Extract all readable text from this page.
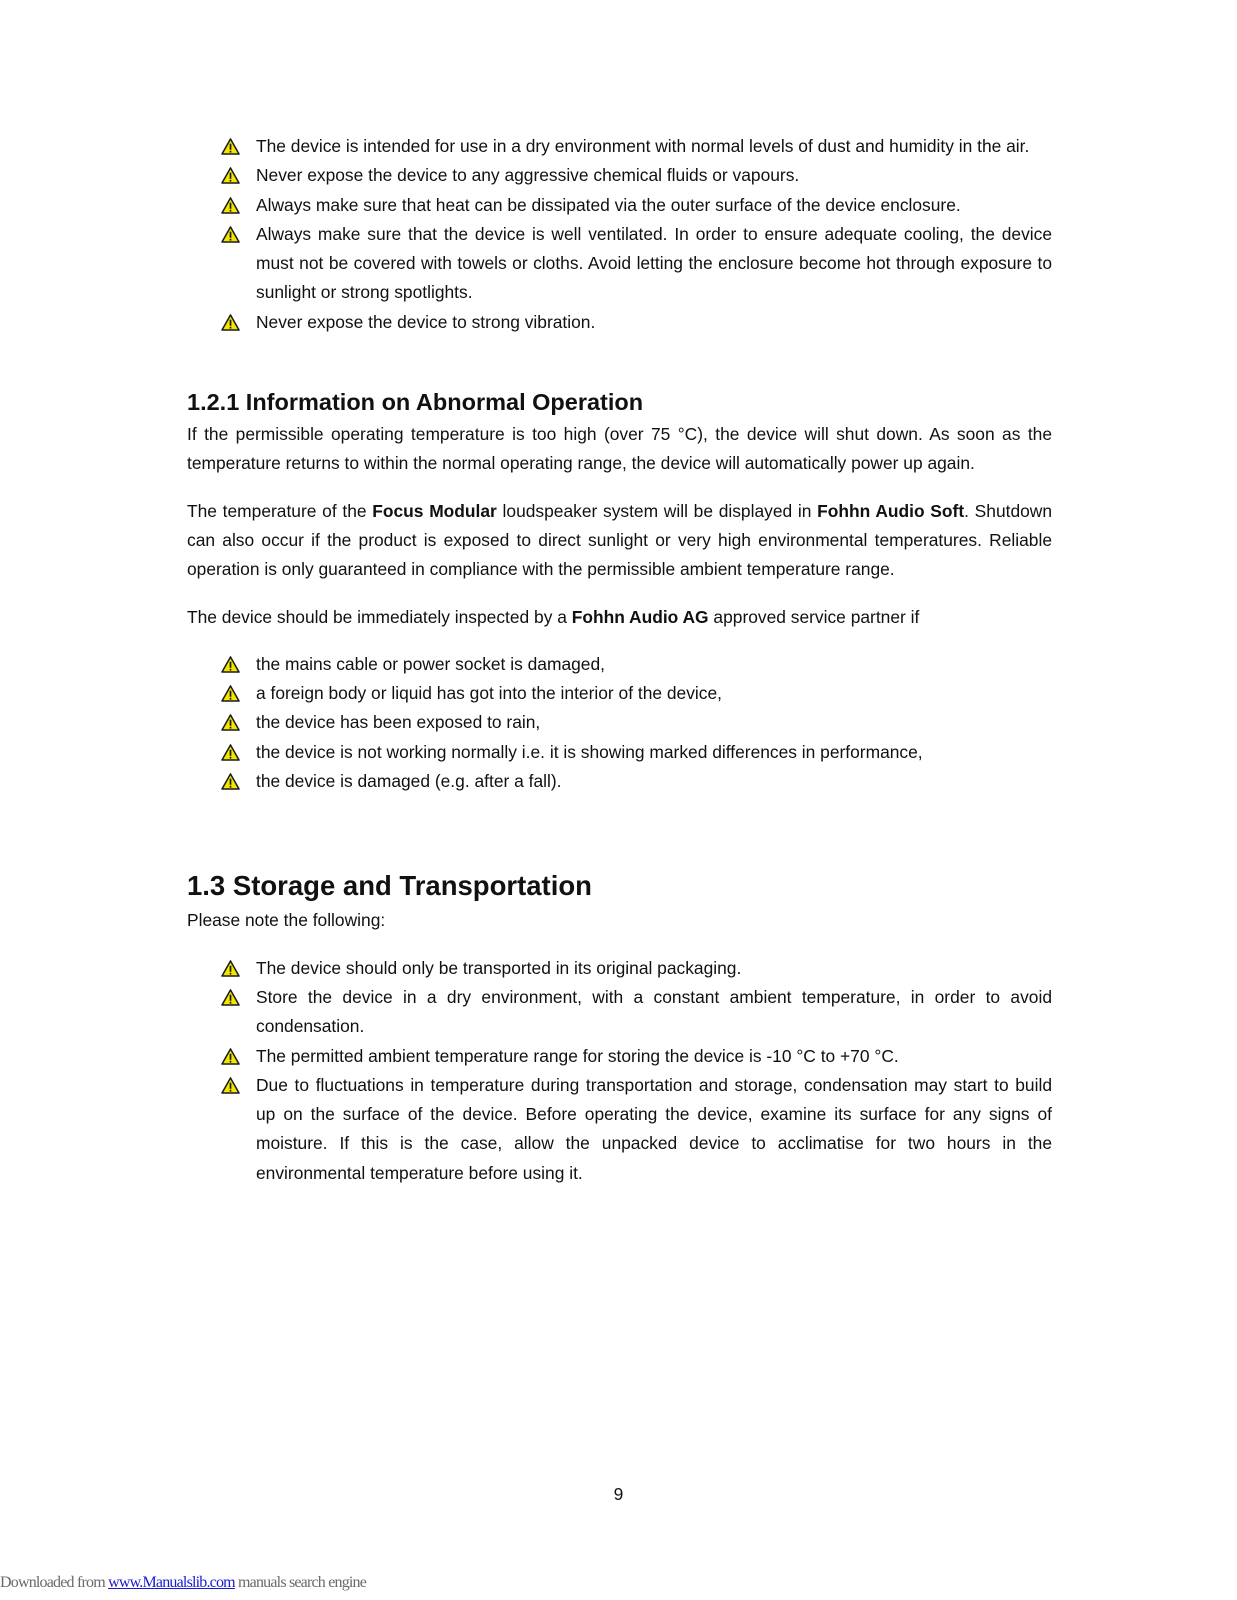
The device is intended for use in a dry environment with normal levels of dust and humidity in the air.
Never expose the device to any aggressive chemical fluids or vapours.
Always make sure that heat can be dissipated via the outer surface of the device enclosure.
Always make sure that the device is well ventilated. In order to ensure adequate cooling, the device must not be covered with towels or cloths. Avoid letting the enclosure become hot through exposure to sunlight or strong spotlights.
Never expose the device to strong vibration.
1.2.1 Information on Abnormal Operation

If the permissible operating temperature is too high (over 75 °C), the device will shut down. As soon as the temperature returns to within the normal operating range, the device will automatically power up again.

The temperature of the Focus Modular loudspeaker system will be displayed in Fohhn Audio Soft. Shutdown can also occur if the product is exposed to direct sunlight or very high environmental temperatures. Reliable operation is only guaranteed in compliance with the permissible ambient temperature range.

The device should be immediately inspected by a Fohhn Audio AG approved service partner if

the mains cable or power socket is damaged,
a foreign body or liquid has got into the interior of the device,
the device has been exposed to rain,
the device is not working normally i.e. it is showing marked differences in performance,
the device is damaged (e.g. after a fall).
1.3 Storage and Transportation

Please note the following:

The device should only be transported in its original packaging.
Store the device in a dry environment, with a constant ambient temperature, in order to avoid condensation.
The permitted ambient temperature range for storing the device is -10 °C to +70 °C.
Due to fluctuations in temperature during transportation and storage, condensation may start to build up on the surface of the device. Before operating the device, examine its surface for any signs of moisture. If this is the case, allow the unpacked device to acclimatise for two hours in the environmental temperature before using it.
9
Downloaded from www.Manualslib.com manuals search engine
